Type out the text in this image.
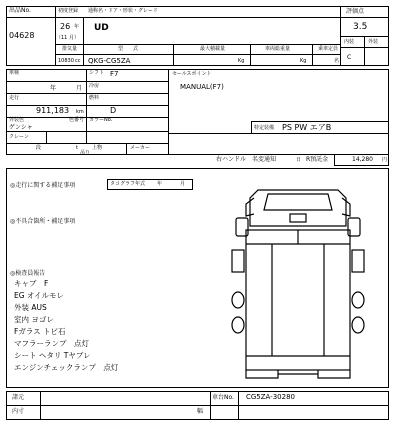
出品No.
04628
初度登録 通称名・ドア・形状・グレード
26 年
（11 月）
UD
排気量	型　　式	最大積載量	車両総重量	乗車定員
10830 cc QKG-CG5ZA	Kg	Kg	名
評価点
3.5
内装	外装
C
車検
年	月
シフト F7
冷房
走行
911,183 km
燃料
D
外装色
ゲンシャ
色番号 カラーNo.
クレーン
段	t
吊り
上物	メーカー
セールスポイント
MANUAL(F7)
特定装備 PS PW エアB
右ハンドル 名変通知	日 R預託金	14,280 円
◎走行に関する補足事項	タコグラフ年式 年	月
◎不具合箇所・補足事項
◎検査員報告
キャブ　F
EG オイルモレ
外装 AUS
室内 ヨゴレ
Fガラス トビ石
マフラーランプ　点灯
シート ヘタリ Tヤブレ
エンジンチェックランプ　点灯
諸元
内寸	幅
車台No. CG5ZA-30280
